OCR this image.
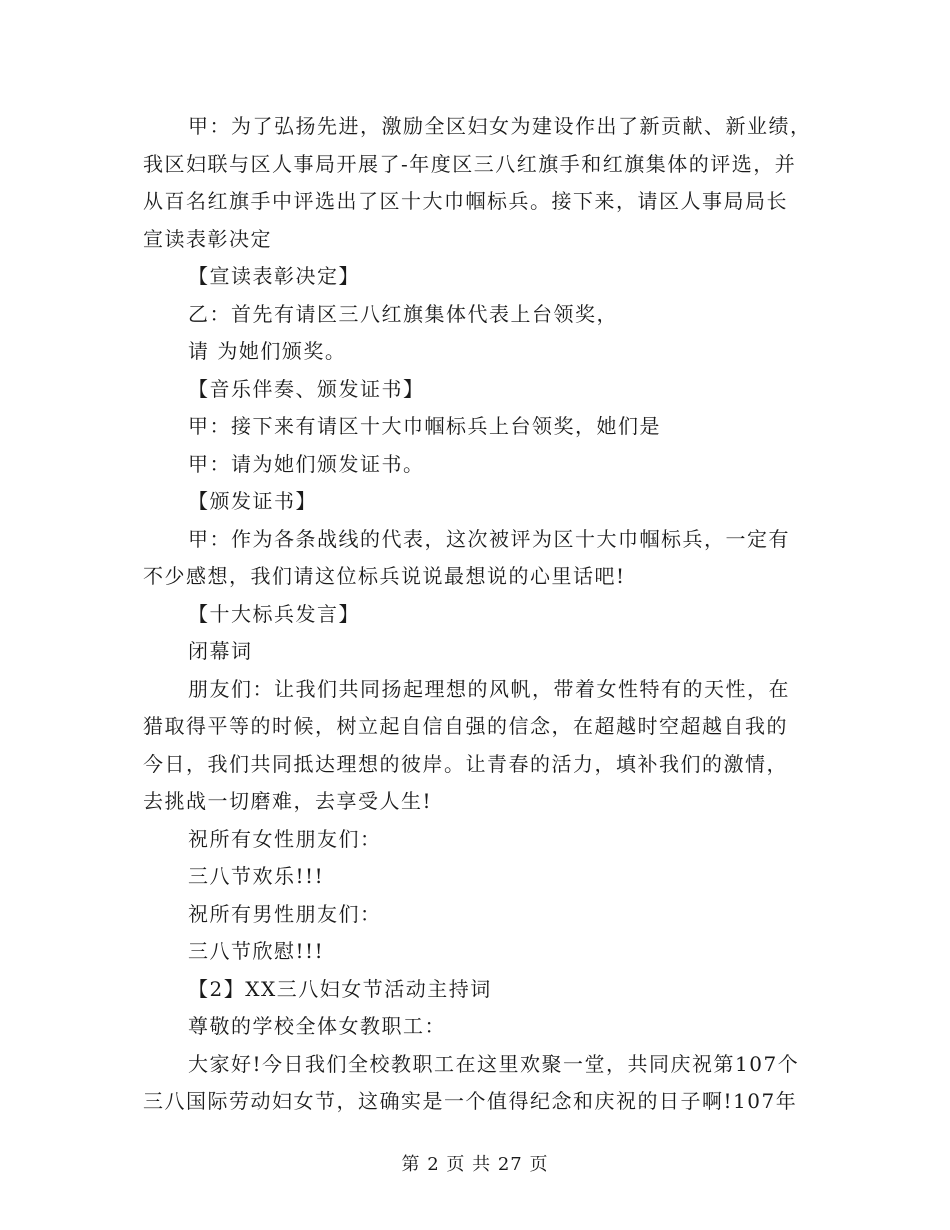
甲：为了弘扬先进，激励全区妇女为建设作出了新贡献、新业绩，
我区妇联与区人事局开展了-年度区三八红旗手和红旗集体的评选，并
从百名红旗手中评选出了区十大巾帼标兵。接下来，请区人事局局长
宣读表彰决定
【宣读表彰决定】
乙：首先有请区三八红旗集体代表上台领奖，
请 为她们颁奖。
【音乐伴奏、颁发证书】
甲：接下来有请区十大巾帼标兵上台领奖，她们是
甲：请为她们颁发证书。
【颁发证书】
甲：作为各条战线的代表，这次被评为区十大巾帼标兵，一定有
不少感想，我们请这位标兵说说最想说的心里话吧!
【十大标兵发言】
闭幕词
朋友们：让我们共同扬起理想的风帆，带着女性特有的天性，在
猎取得平等的时候，树立起自信自强的信念，在超越时空超越自我的
今日，我们共同抵达理想的彼岸。让青春的活力，填补我们的激情，
去挑战一切磨难，去享受人生!
祝所有女性朋友们：
三八节欢乐!!!
祝所有男性朋友们：
三八节欣慰!!!
【2】XX三八妇女节活动主持词
尊敬的学校全体女教职工：
大家好!今日我们全校教职工在这里欢聚一堂，共同庆祝第107个
三八国际劳动妇女节，这确实是一个值得纪念和庆祝的日子啊!107年
第 2 页 共 27 页
